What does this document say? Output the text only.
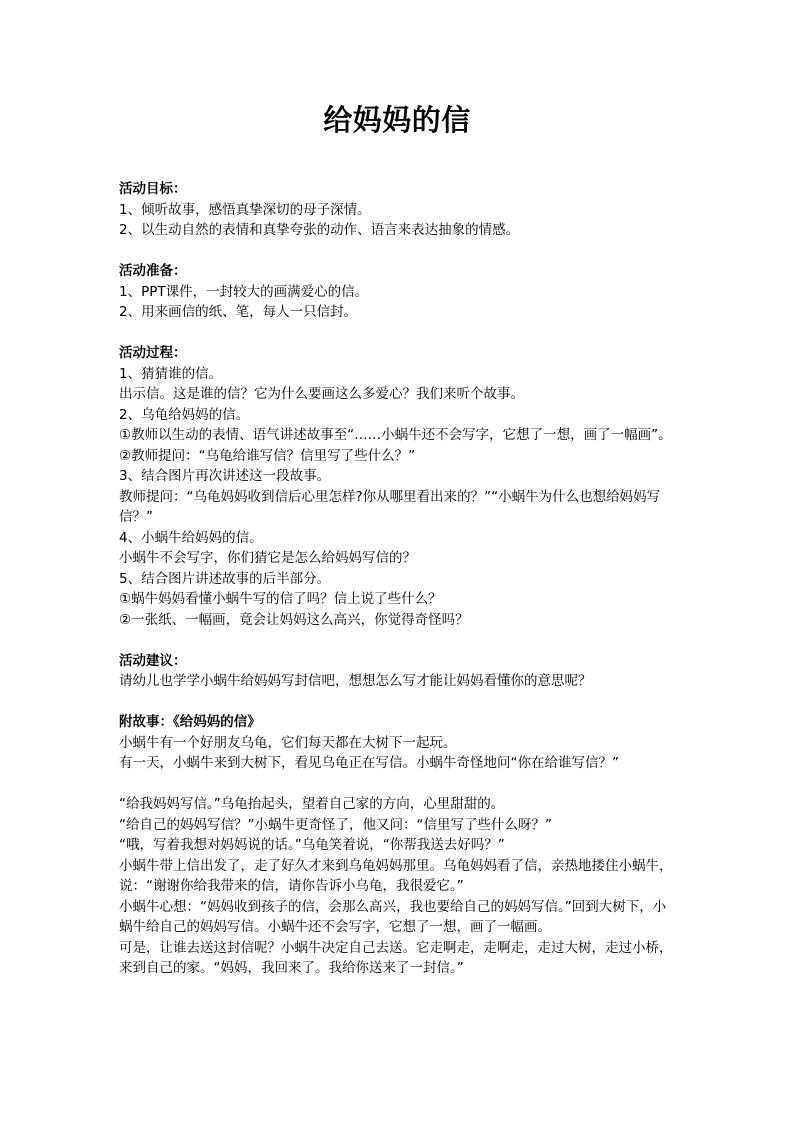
给妈妈的信
活动目标：
1、倾听故事，感悟真挚深切的母子深情。
2、以生动自然的表情和真挚夸张的动作、语言来表达抽象的情感。
活动准备：
1、PPT课件，一封较大的画满爱心的信。
2、用来画信的纸、笔，每人一只信封。
活动过程：
1、猜猜谁的信。
出示信。这是谁的信？它为什么要画这么多爱心？我们来听个故事。
2、乌龟给妈妈的信。
①教师以生动的表情、语气讲述故事至“……小蜗牛还不会写字，它想了一想，画了一幅画”。
②教师提问：“乌龟给谁写信？信里写了些什么？”
3、结合图片再次讲述这一段故事。
教师提问：“乌龟妈妈收到信后心里怎样?你从哪里看出来的？”“小蜗牛为什么也想给妈妈写信？”
4、小蜗牛给妈妈的信。
小蜗牛不会写字，你们猜它是怎么给妈妈写信的？
5、结合图片讲述故事的后半部分。
①蜗牛妈妈看懂小蜗牛写的信了吗？信上说了些什么？
②一张纸、一幅画，竟会让妈妈这么高兴，你觉得奇怪吗？
活动建议：
请幼儿也学学小蜗牛给妈妈写封信吧，想想怎么写才能让妈妈看懂你的意思呢？
附故事：《给妈妈的信》
小蜗牛有一个好朋友乌龟，它们每天都在大树下一起玩。
有一天，小蜗牛来到大树下，看见乌龟正在写信。小蜗牛奇怪地问“你在给谁写信？”
“给我妈妈写信。”乌龟抬起头，望着自己家的方向，心里甜甜的。
“给自己的妈妈写信？”小蜗牛更奇怪了，他又问：“信里写了些什么呀？”
“哦，写着我想对妈妈说的话。”乌龟笑着说，“你帮我送去好吗？”
小蜗牛带上信出发了，走了好久才来到乌龟妈妈那里。乌龟妈妈看了信，亲热地搂住小蜗牛，说：“谢谢你给我带来的信，请你告诉小乌龟，我很爱它。”
小蜗牛心想：“妈妈收到孩子的信，会那么高兴，我也要给自己的妈妈写信。”回到大树下，小蜗牛给自己的妈妈写信。小蜗牛还不会写字，它想了一想，画了一幅画。
可是，让谁去送这封信呢？小蜗牛决定自己去送。它走啊走，走啊走，走过大树，走过小桥，来到自己的家。“妈妈，我回来了。我给你送来了一封信。”
